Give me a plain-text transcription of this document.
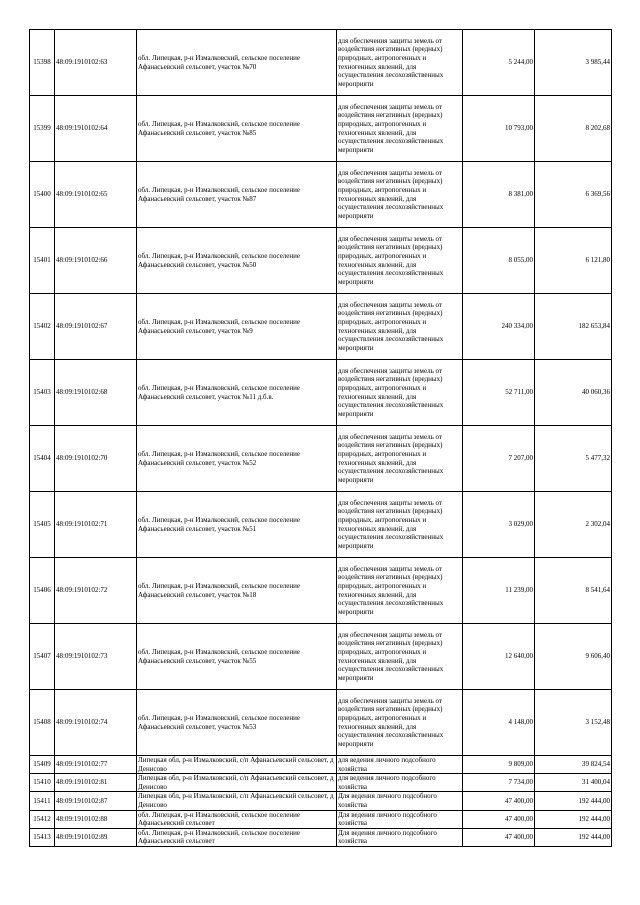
15398	48:09:1910102:63	обл. Липецкая, р-н Измалковский, сельское поселение Афанасьевский сельсовет, участок №70	для обеспечения защиты земель от воздействия негативных (вредных) природных, антропогенных и техногенных явлений, для осуществления лесохозяйственных мероприяти	5 244,00	3 985,44
15399	48:09:1910102:64	обл. Липецкая, р-н Измалковский, сельское поселение Афанасьевский сельсовет, участок №85	для обеспечения защиты земель от воздействия негативных (вредных) природных, антропогенных и техногенных явлений, для осуществления лесохозяйственных мероприяти	10 793,00	8 202,68
15400	48:09:1910102:65	обл. Липецкая, р-н Измалковский, сельское поселение Афанасьевский сельсовет, участок №87	для обеспечения защиты земель от воздействия негативных (вредных) природных, антропогенных и техногенных явлений, для осуществления лесохозяйственных мероприяти	8 381,00	6 369,56
15401	48:09:1910102:66	обл. Липецкая, р-н Измалковский, сельское поселение Афанасьевский сельсовет, участок №50	для обеспечения защиты земель от воздействия негативных (вредных) природных, антропогенных и техногенных явлений, для осуществления лесохозяйственных мероприяти	8 055,00	6 121,80
15402	48:09:1910102:67	обл. Липецкая, р-н Измалковский, сельское поселение Афанасьевский сельсовет, участок №9	для обеспечения защиты земель от воздействия негативных (вредных) природных, антропогенных и техногенных явлений, для осуществления лесохозяйственных мероприяти	240 334,00	182 653,84
15403	48:09:1910102:68	обл. Липецкая, р-н Измалковский, сельское поселение Афанасьевский сельсовет, участок №11 д.б.в.	для обеспечения защиты земель от воздействия негативных (вредных) природных, антропогенных и техногенных явлений, для осуществления лесохозяйственных мероприяти	52 711,00	40 060,36
15404	48:09:1910102:70	обл. Липецкая, р-н Измалковский, сельское поселение Афанасьевский сельсовет, участок №52	для обеспечения защиты земель от воздействия негативных (вредных) природных, антропогенных и техногенных явлений, для осуществления лесохозяйственных мероприяти	7 207,00	5 477,32
15405	48:09:1910102:71	обл. Липецкая, р-н Измалковский, сельское поселение Афанасьевский сельсовет, участок №51	для обеспечения защиты земель от воздействия негативных (вредных) природных, антропогенных и техногенных явлений, для осуществления лесохозяйственных мероприяти	3 029,00	2 302,04
15406	48:09:1910102:72	обл. Липецкая, р-н Измалковский, сельское поселение Афанасьевский сельсовет, участок №18	для обеспечения защиты земель от воздействия негативных (вредных) природных, антропогенных и техногенных явлений, для осуществления лесохозяйственных мероприяти	11 239,00	8 541,64
15407	48:09:1910102:73	обл. Липецкая, р-н Измалковский, сельское поселение Афанасьевский сельсовет, участок №55	для обеспечения защиты земель от воздействия негативных (вредных) природных, антропогенных и техногенных явлений, для осуществления лесохозяйственных мероприяти	12 640,00	9 606,40
15408	48:09:1910102:74	обл. Липецкая, р-н Измалковский, сельское поселение Афанасьевский сельсовет, участок №53	для обеспечения защиты земель от воздействия негативных (вредных) природных, антропогенных и техногенных явлений, для осуществления лесохозяйственных мероприяти	4 148,00	3 152,48
15409	48:09:1910102:77	Липецкая обл, р-н Измалковский, с/п Афанасьевский сельсовет, д Денисово	для ведения личного подсобного хозяйства	9 809,00	39 824,54
15410	48:09:1910102:81	Липецкая обл, р-н Измалковский, с/п Афанасьевский сельсовет, д Денисово	для ведения личного подсобного хозяйства	7 734,00	31 400,04
15411	48:09:1910102:87	Липецкая обл, р-н Измалковский, с/п Афанасьевский сельсовет, д Денисово	Для ведения личного подсобного хозяйства	47 400,00	192 444,00
15412	48:09:1910102:88	обл. Липецкая, р-н Измалковский, сельское поселение Афанасьевский сельсовет	Для ведения личного подсобного хозяйства	47 400,00	192 444,00
15413	48:09:1910102:89	обл. Липецкая, р-н Измалковский, сельское поселение Афанасьевский сельсовет	Для ведения личного подсобного хозяйства	47 400,00	192 444,00
